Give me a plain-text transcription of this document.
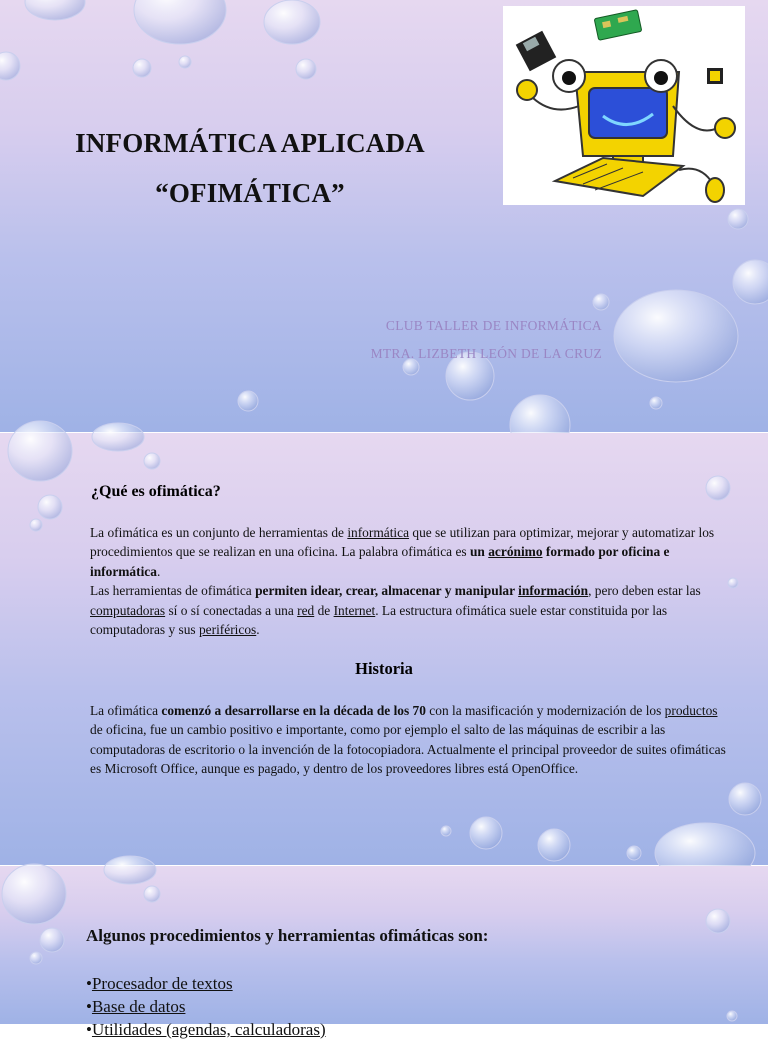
INFORMÁTICA APLICADA
“OFIMÁTICA”
CLUB TALLER DE INFORMÁTICA
MTRA. LIZBETH LEÓN DE LA CRUZ
¿Qué es ofimática?

La ofimática es un conjunto de herramientas de informática que se utilizan para optimizar, mejorar y automatizar los procedimientos que se realizan en una oficina. La palabra ofimática es un acrónimo formado por oficina e informática.

Las herramientas de ofimática permiten idear, crear, almacenar y manipular información, pero deben estar las computadoras sí o sí conectadas a una red de Internet. La estructura ofimática suele estar constituida por las computadoras y sus periféricos.

Historia

La ofimática comenzó a desarrollarse en la década de los 70 con la masificación y modernización de los productos de oficina, fue un cambio positivo e importante, como por ejemplo el salto de las máquinas de escribir a las computadoras de escritorio o la invención de la fotocopiadora. Actualmente el principal proveedor de suites ofimáticas es Microsoft Office, aunque es pagado, y dentro de los proveedores libres está OpenOffice.

Algunos procedimientos y herramientas ofimáticas son:
•Procesador de textos
•Base de datos
•Utilidades (agendas, calculadoras)
